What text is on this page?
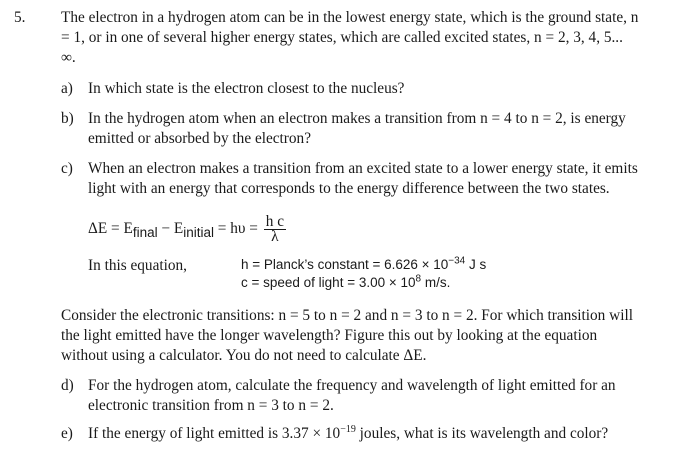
5. The electron in a hydrogen atom can be in the lowest energy state, which is the ground state, n = 1, or in one of several higher energy states, which are called excited states, n = 2, 3, 4, 5... ∞.
a) In which state is the electron closest to the nucleus?
b) In the hydrogen atom when an electron makes a transition from n = 4 to n = 2, is energy emitted or absorbed by the electron?
c) When an electron makes a transition from an excited state to a lower energy state, it emits light with an energy that corresponds to the energy difference between the two states.
$\Delta E = E_{final} - E_{initial} = h\upsilon = \frac{\text{h c}}{\lambda}$
In this equation,	h = Planck’s constant = $6.626 \times 10^{-34}$ J s
c = speed of light = $3.00 \times 10^8$ m/s.
Consider the electronic transitions: n = 5 to n = 2 and n = 3 to n = 2. For which transition will the light emitted have the longer wavelength? Figure this out by looking at the equation without using a calculator. You do not need to calculate ΔE.
d) For the hydrogen atom, calculate the frequency and wavelength of light emitted for an electronic transition from n = 3 to n = 2.
e) If the energy of light emitted is $3.37 \times 10^{-19}$ joules, what is its wavelength and color?
